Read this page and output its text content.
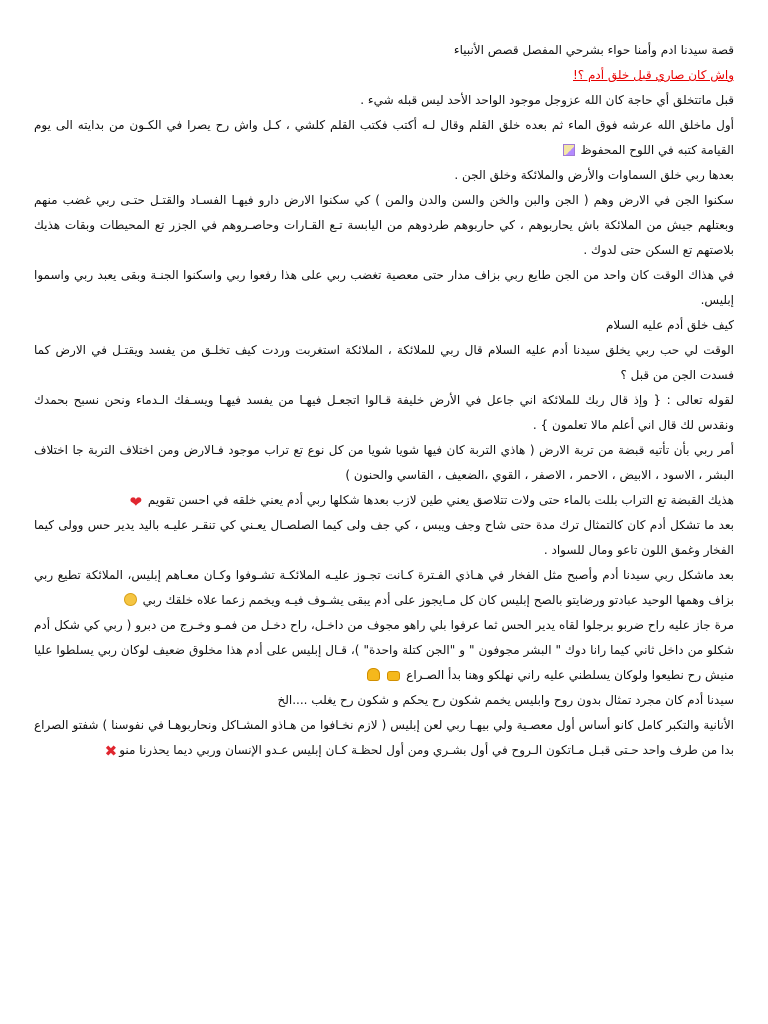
قصة سيدنا ادم وأمنا حواء بشرحي المفصل قصص الأنبياء

واش كان صاري قبل خلق أدم ؟!

قبل ماتتخلق أي حاجة كان الله عزوجل موجود الواحد الأحد ليس قبله شيء .

أول ماخلق الله عرشه فوق الماء ثم بعده خلق القلم وقال لـه أكتب فكتب القلم كلشي ، كـل واش رح يصرا في الكـون من بدايته الى يوم القيامة كتبه في اللوح المحفوظ

بعدها ربي خلق السماوات والأرض والملائكة وخلق الجن .

سكنوا الجن في الارض وهم ( الجن والبن والخن والسن والدن والمن ) كي سكنوا الارض دارو فيهـا الفسـاد والقتـل حتـى ربي غضب منهم وبعتلهم جيش من الملائكة باش يحاربوهم ، كي حاربوهم طردوهم من اليابسة تـع القـارات وحاصـروهم في الجزر تع المحيطات وبقات هذيك بلاصتهم تع السكن حتى لدوك .

في هذاك الوقت كان واحد من الجن طايع ربي بزاف مدار حتى معصية تغضب ربي على هذا رفعوا ربي واسكنوا الجنـة وبقى يعبد ربي واسموا إبليس.

كيف خلق أدم عليه السلام

الوقت لي حب ربي يخلق سيدنا أدم عليه السلام قال ربي للملائكة ، الملائكة استغربت وردت كيف تخلـق من يفسد ويقتـل في الارض كما فسدت الجن من قبل ؟

لقوله تعالى : { وإذ قال ربك للملائكة اني جاعل في الأرض خليفة قـالوا اتجعـل فيهـا من يفسد فيهـا ويسـفك الـدماء ونحن نسبح بحمدك ونقدس لك قال اني أعلم مالا تعلمون } .

أمر ربي بأن تأتيه قبضة من تربة الارض ( هاذي التربة كان فيها شويا شويا من كل نوع تع تراب موجود فـالارض ومن اختلاف التربة جا اختلاف البشر ، الاسود ، الابيض ، الاحمر ، الاصفر ، القوي ،الضعيف ، القاسي والحنون )

هذيك القبضة تع التراب بللت بالماء حتى ولات تتلاصق يعني طين لازب بعدها شكلها ربي أدم يعني خلقه في احسن تقويم ❤

بعد ما تشكل أدم كان كالتمثال ترك مدة حتى شاح وجف ويبس ، كي جف ولى كيما الصلصـال يعـني كي تنقـر عليـه باليد يدير حس وولى كيما الفخار وغمق اللون تاعو ومال للسواد .

بعد ماشكل ربي سيدنا أدم وأصبح مثل الفخار في هـاذي الفـترة كـانت تجـوز عليـه الملائكـة تشـوفوا وكـان معـاهم إبليس، الملائكة تطيع ربي بزاف وهمها الوحيد عبادتو ورضايتو بالصح إبليس كان كل مـايجوز على أدم يبقى يشـوف فيـه ويخمم زعما علاه خلقك ربي

مرة جاز عليه راح ضربو برجلوا لقاه يدير الحس ثما عرفوا بلي راهو مجوف من داخـل، راح دخـل من فمـو وخـرج من دبرو ( ربي كي شكل أدم شكلو من داخل ثاني كيما رانا دوك " البشر مجوفون " و "الجن كتلة واحدة" )، قـال إبليس على أدم هذا مخلوق ضعيف لوكان ربي يسلطوا عليا منيش رح نطيعوا ولوكان يسلطني عليه راني نهلكو وهنا بدأ الصـراع

سيدنا أدم كان مجرد تمثال بدون روح وابليس يخمم شكون رح يحكم و شكون رح يغلب ....الخ

الأنانية والتكبر كامل كانو أساس أول معصـية ولي بيهـا ربي لعن إبليس ( لازم نخـافوا من هـاذو المشـاكل ونحاربوهـا في نفوسنا ) شفتو الصراع بدا من طرف واحد حـتى قبـل مـاتكون الـروح في أول بشـري ومن أول لحظـة كـان إبليس عـدو الإنسان وربي ديما يحذرنا منو✖
